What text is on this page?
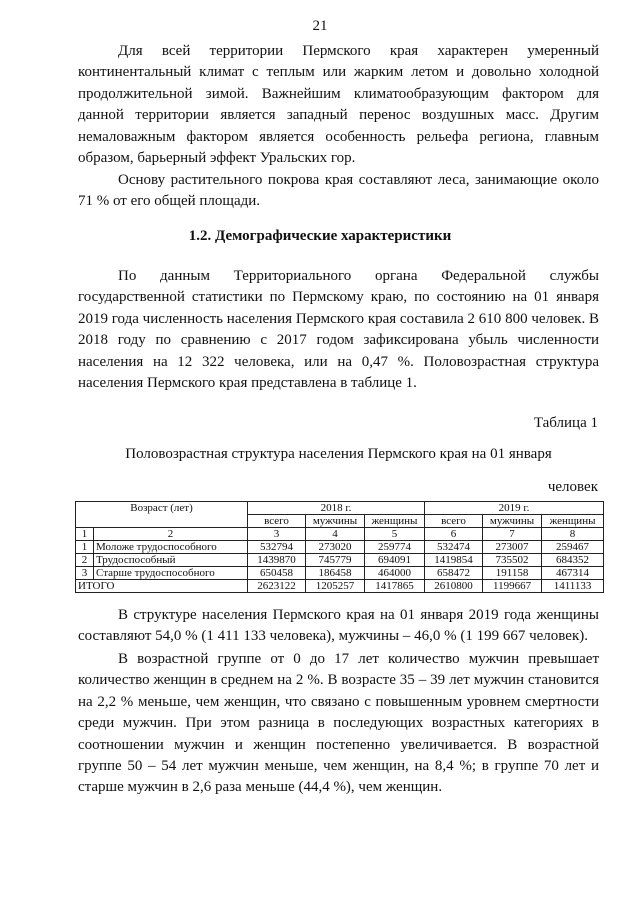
21

Для всей территории Пермского края характерен умеренный континентальный климат с теплым или жарким летом и довольно холодной продолжительной зимой. Важнейшим климатообразующим фактором для данной территории является западный перенос воздушных масс. Другим немаловажным фактором является особенность рельефа региона, главным образом, барьерный эффект Уральских гор.

Основу растительного покрова края составляют леса, занимающие около 71 % от его общей площади.

1.2. Демографические характеристики

По данным Территориального органа Федеральной службы государственной статистики по Пермскому краю, по состоянию на 01 января 2019 года численность населения Пермского края составила 2 610 800 человек. В 2018 году по сравнению с 2017 годом зафиксирована убыль численности населения на 12 322 человека, или на 0,47 %. Половозрастная структура населения Пермского края представлена в таблице 1.

Таблица 1
Половозрастная структура населения Пермского края на 01 января
человек
Возраст (лет)		2018 г.			2019 г.		
		всего	мужчины	женщины	всего	мужчины	женщины
1	2	3	4	5	6	7	8
1	Моложе трудоспособного	532794	273020	259774	532474	273007	259467
2	Трудоспособный	1439870	745779	694091	1419854	735502	684352
3	Старше трудоспособного	650458	186458	464000	658472	191158	467314
ИТОГО		2623122	1205257	1417865	2610800	1199667	1411133

В структуре населения Пермского края на 01 января 2019 года женщины составляют 54,0 % (1 411 133 человека), мужчины – 46,0 % (1 199 667 человек).

В возрастной группе от 0 до 17 лет количество мужчин превышает количество женщин в среднем на 2 %. В возрасте 35 – 39 лет мужчин становится на 2,2 % меньше, чем женщин, что связано с повышенным уровнем смертности среди мужчин. При этом разница в последующих возрастных категориях в соотношении мужчин и женщин постепенно увеличивается. В возрастной группе 50 – 54 лет мужчин меньше, чем женщин, на 8,4 %; в группе 70 лет и старше мужчин в 2,6 раза меньше (44,4 %), чем женщин.
